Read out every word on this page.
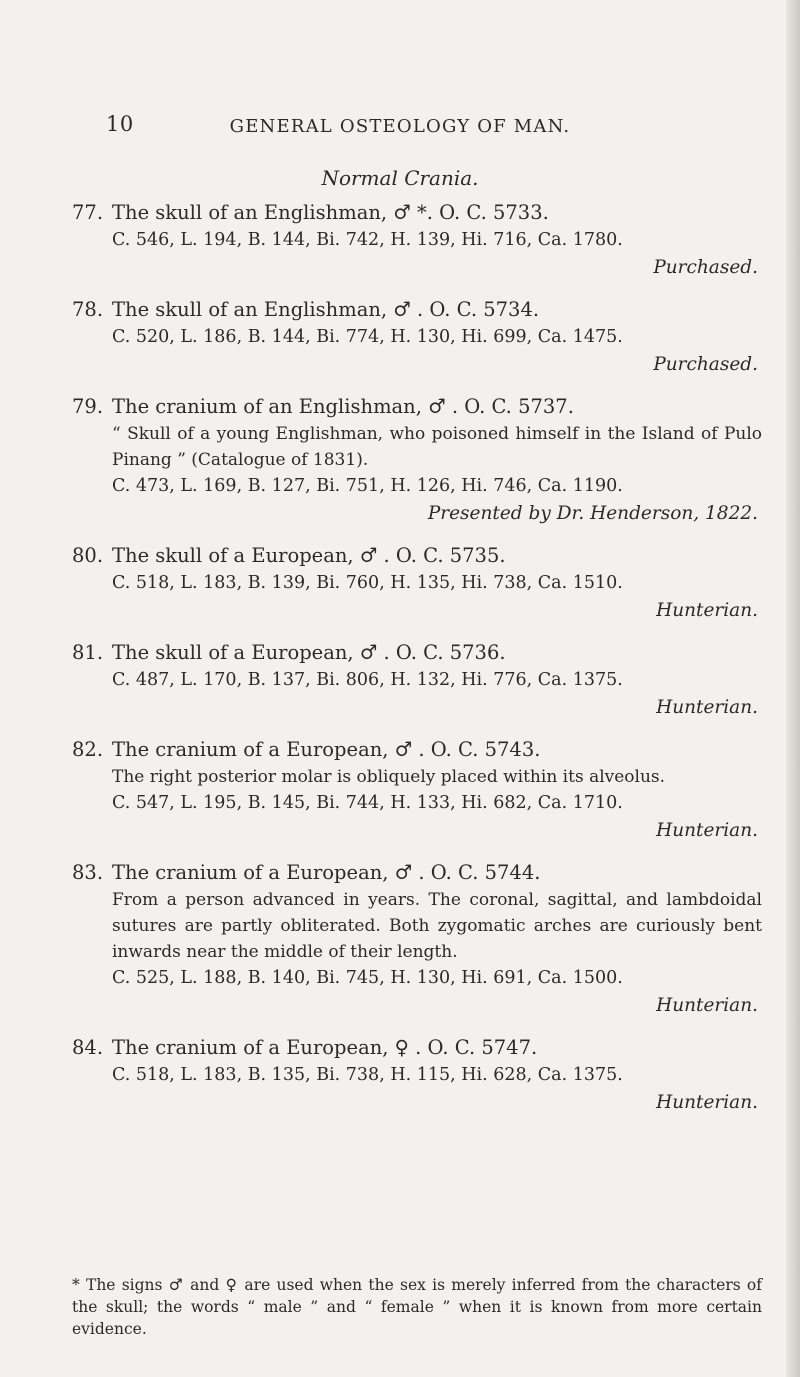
10	GENERAL OSTEOLOGY OF MAN.
Normal Crania.
77. The skull of an Englishman, ♂ *. O. C. 5733.
C. 546, L. 194, B. 144, Bi. 742, H. 139, Hi. 716, Ca. 1780.
Purchased.
78. The skull of an Englishman, ♂ . O. C. 5734.
C. 520, L. 186, B. 144, Bi. 774, H. 130, Hi. 699, Ca. 1475.
Purchased.
79. The cranium of an Englishman, ♂ . O. C. 5737.
“ Skull of a young Englishman, who poisoned himself in the Island of Pulo Pinang ” (Catalogue of 1831).
C. 473, L. 169, B. 127, Bi. 751, H. 126, Hi. 746, Ca. 1190.
Presented by Dr. Henderson, 1822.
80. The skull of a European, ♂ . O. C. 5735.
C. 518, L. 183, B. 139, Bi. 760, H. 135, Hi. 738, Ca. 1510.
Hunterian.
81. The skull of a European, ♂ . O. C. 5736.
C. 487, L. 170, B. 137, Bi. 806, H. 132, Hi. 776, Ca. 1375.
Hunterian.
82. The cranium of a European, ♂ . O. C. 5743.
The right posterior molar is obliquely placed within its alveolus.
C. 547, L. 195, B. 145, Bi. 744, H. 133, Hi. 682, Ca. 1710.
Hunterian.
83. The cranium of a European, ♂ . O. C. 5744.
From a person advanced in years. The coronal, sagittal, and lambdoidal sutures are partly obliterated. Both zygomatic arches are curiously bent inwards near the middle of their length.
C. 525, L. 188, B. 140, Bi. 745, H. 130, Hi. 691, Ca. 1500.
Hunterian.
84. The cranium of a European, ♀ . O. C. 5747.
C. 518, L. 183, B. 135, Bi. 738, H. 115, Hi. 628, Ca. 1375.
Hunterian.
* The signs ♂ and ♀ are used when the sex is merely inferred from the characters of the skull; the words “ male ” and “ female ” when it is known from more certain evidence.
